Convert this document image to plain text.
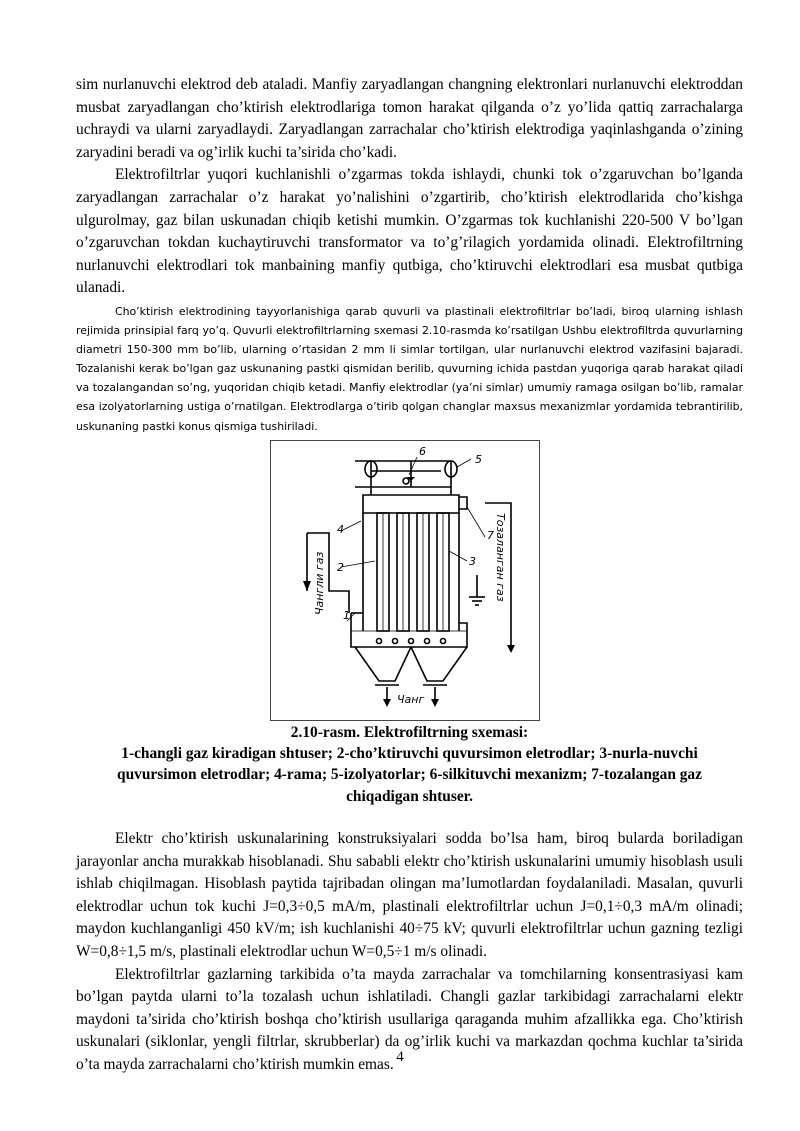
sim nurlanuvchi elektrod deb ataladi. Manfiy zaryadlangan changning elektronlari nurlanuvchi elektroddan musbat zaryadlangan cho’ktirish elektrodlariga tomon harakat qilganda o’z yo’lida qattiq zarrachalarga uchraydi va ularni zaryadlaydi. Zaryadlangan zarrachalar cho’ktirish elektrodiga yaqinlashganda o’zining zaryadini beradi va og’irlik kuchi ta’sirida cho’kadi.

Elektrofiltrlar yuqori kuchlanishli o’zgarmas tokda ishlaydi, chunki tok o’zgaruvchan bo’lganda zaryadlangan zarrachalar o’z harakat yo’nalishini o’zgartirib, cho’ktirish elektrodlarida cho’kishga ulgurolmay, gaz bilan uskunadan chiqib ketishi mumkin. O’zgarmas tok kuchlanishi 220-500 V bo’lgan o’zgaruvchan tokdan kuchaytiruvchi transformator va to’g’rilagich yordamida olinadi. Elektrofiltrning nurlanuvchi elektrodlari tok manbaining manfiy qutbiga, cho’ktiruvchi elektrodlari esa musbat qutbiga ulanadi.

Cho’ktirish elektrodining tayyorlanishiga qarab quvurli va plastinali elektrofiltrlar bo’ladi, biroq ularning ishlash rejimida prinsipial farq yo’q. Quvurli elektrofiltrlarning sxemasi 2.10-rasmda ko’rsatilgan Ushbu elektrofiltrda quvurlarning diametri 150-300 mm bo’lib, ularning o’rtasidan 2 mm li simlar tortilgan, ular nurlanuvchi elektrod vazifasini bajaradi. Tozalanishi kerak bo’lgan gaz uskunaning pastki qismidan berilib, quvurning ichida pastdan yuqoriga qarab harakat qiladi va tozalangandan so’ng, yuqoridan chiqib ketadi. Manfiy elektrodlar (ya’ni simlar) umumiy ramaga osilgan bo’lib, ramalar esa izolyatorlarning ustiga o’rnatilgan. Elektrodlarga o’tirib qolgan changlar maxsus mexanizmlar yordamida tebrantirilib, uskunaning pastki konus qismiga tushiriladi.

6
5
4
2	3
1
7
Чангли газ	Тозаланган газ
Чанг

2.10-rasm. Elektrofiltrning sxemasi:

1-changli gaz kiradigan shtuser; 2-cho’ktiruvchi quvursimon eletrodlar; 3-nurla-nuvchi quvursimon eletrodlar; 4-rama; 5-izolyatorlar; 6-silkituvchi mexanizm; 7-tozalangan gaz chiqadigan shtuser.

Elektr cho’ktirish uskunalarining konstruksiyalari sodda bo’lsa ham, biroq bularda boriladigan jarayonlar ancha murakkab hisoblanadi. Shu sababli elektr cho’ktirish uskunalarini umumiy hisoblash usuli ishlab chiqilmagan. Hisoblash paytida tajribadan olingan ma’lumotlardan foydalaniladi. Masalan, quvurli elektrodlar uchun tok kuchi J=0,3÷0,5 mA/m, plastinali elektrofiltrlar uchun J=0,1÷0,3 mA/m olinadi; maydon kuchlanganligi 450 kV/m; ish kuchlanishi 40÷75 kV; quvurli elektrofiltrlar uchun gazning tezligi W=0,8÷1,5 m/s, plastinali elektrodlar uchun W=0,5÷1 m/s olinadi.

Elektrofiltrlar gazlarning tarkibida o’ta mayda zarrachalar va tomchilarning konsentrasiyasi kam bo’lgan paytda ularni to’la tozalash uchun ishlatiladi. Changli gazlar tarkibidagi zarrachalarni elektr maydoni ta’sirida cho’ktirish boshqa cho’ktirish usullariga qaraganda muhim afzallikka ega. Cho’ktirish uskunalari (siklonlar, yengli filtrlar, skrubberlar) da og’irlik kuchi va markazdan qochma kuchlar ta’sirida o’ta mayda zarrachalarni cho’ktirish mumkin emas. 4
